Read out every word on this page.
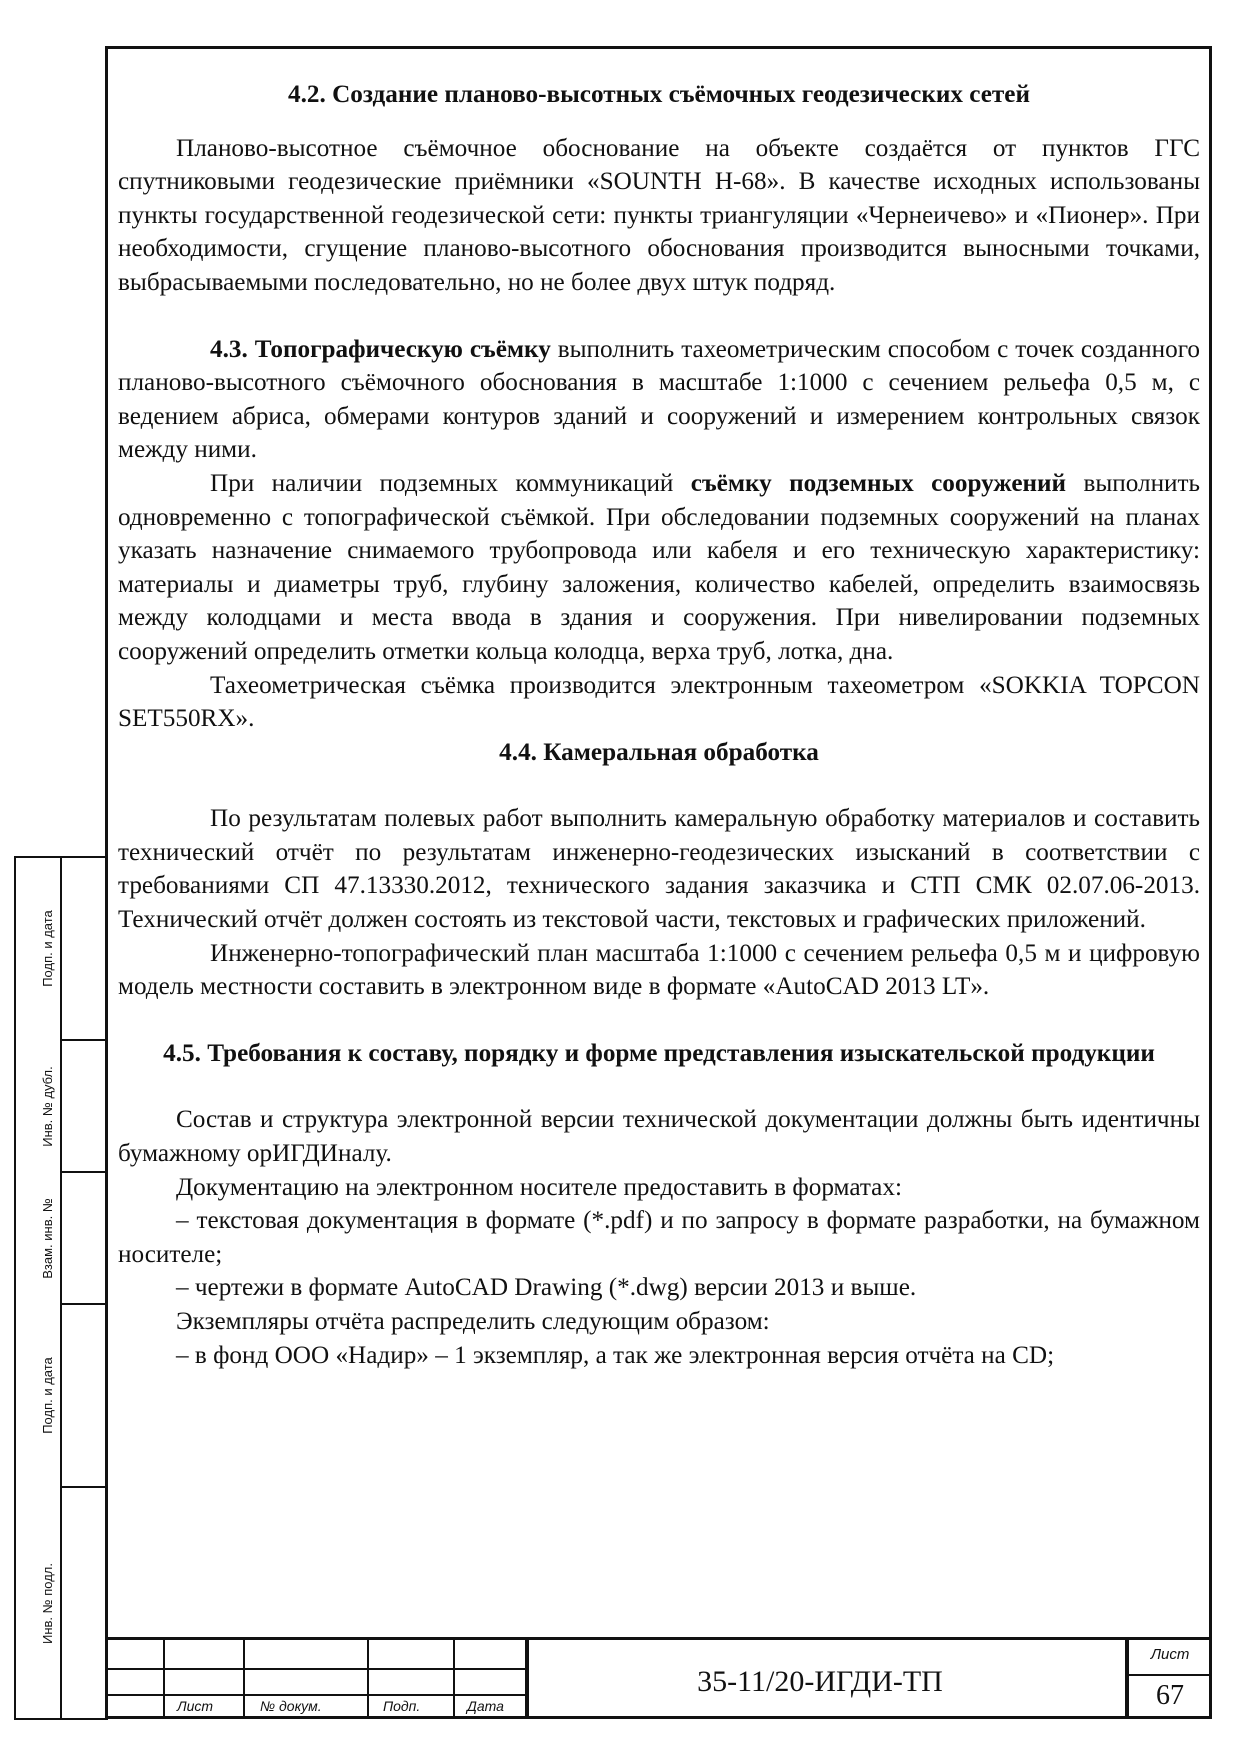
Подп. и дата
Инв. № дубл.
Взам. инв. №
Подп. и дата
Инв. № подл.

4.2. Создание планово-высотных съёмочных геодезических сетей

Планово-высотное съёмочное обоснование на объекте создаётся от пунктов ГГС спутниковыми геодезические приёмники «SOUNTH H-68». В качестве исходных использованы пункты государственной геодезической сети: пункты триангуляции «Чернеичево» и «Пионер». При необходимости, сгущение планово-высотного обоснования производится выносными точками, выбрасываемыми последовательно, но не более двух штук подряд.

4.3. Топографическую съёмку выполнить тахеометрическим способом с точек созданного планово-высотного съёмочного обоснования в масштабе 1:1000 с сечением рельефа 0,5 м, с ведением абриса, обмерами контуров зданий и сооружений и измерением контрольных связок между ними.

При наличии подземных коммуникаций съёмку подземных сооружений выполнить одновременно с топографической съёмкой. При обследовании подземных сооружений на планах указать назначение снимаемого трубопровода или кабеля и его техническую характеристику: материалы и диаметры труб, глубину заложения, количество кабелей, определить взаимосвязь между колодцами и места ввода в здания и сооружения. При нивелировании подземных сооружений определить отметки кольца колодца, верха труб, лотка, дна.

Тахеометрическая съёмка производится электронным тахеометром «SOKKIA TOPCON SET550RX».

4.4. Камеральная обработка

По результатам полевых работ выполнить камеральную обработку материалов и составить технический отчёт по результатам инженерно-геодезических изысканий в соответствии с требованиями СП 47.13330.2012, технического задания заказчика и СТП СМК 02.07.06-2013. Технический отчёт должен состоять из текстовой части, текстовых и графических приложений.

Инженерно-топографический план масштаба 1:1000 с сечением рельефа 0,5 м и цифровую модель местности составить в электронном виде в формате «AutoCAD 2013 LT».

4.5. Требования к составу, порядку и форме представления изыскательской продукции

Состав и структура электронной версии технической документации должны быть идентичны бумажному орИГДИналу.

Документацию на электронном носителе предоставить в форматах:

– текстовая документация в формате (*.pdf) и по запросу в формате разработки, на бумажном носителе;

– чертежи в формате AutoCAD Drawing (*.dwg) версии 2013 и выше.

Экземпляры отчёта распределить следующим образом:

– в фонд ООО «Надир» – 1 экземпляр, а так же электронная версия отчёта на CD;

Лист	№ докум.	Подп.	Дата
35-11/20-ИГДИ-ТП
Лист
67
